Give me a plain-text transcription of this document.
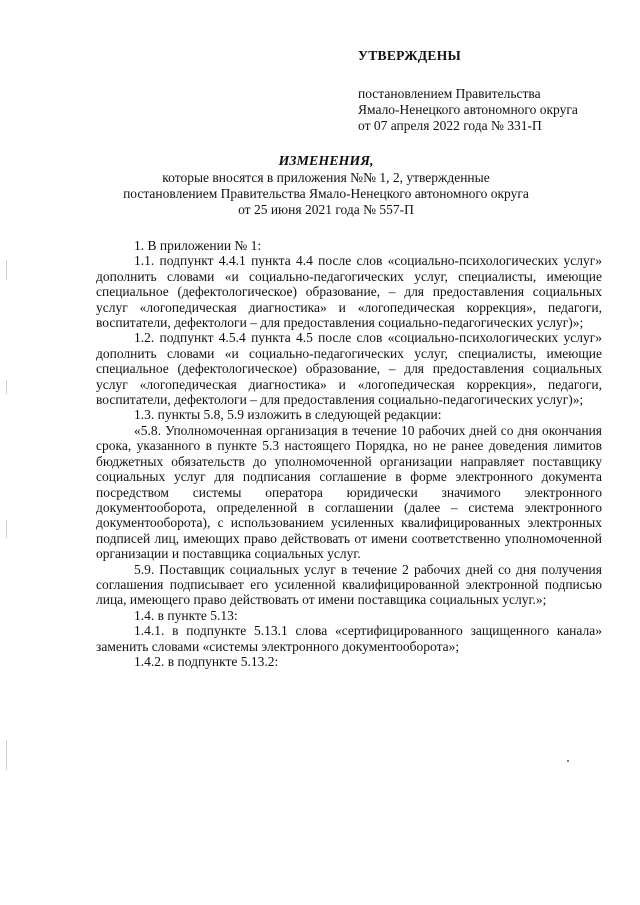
УТВЕРЖДЕНЫ
постановлением Правительства
Ямало-Ненецкого автономного округа
от 07 апреля 2022 года № 331-П
ИЗМЕНЕНИЯ,
которые вносятся в приложения №№ 1, 2, утвержденные
постановлением Правительства Ямало-Ненецкого автономного округа
от 25 июня 2021 года № 557-П

1. В приложении № 1:

1.1. подпункт 4.4.1 пункта 4.4 после слов «социально-психологических услуг» дополнить словами «и социально-педагогических услуг, специалисты, имеющие специальное (дефектологическое) образование, – для предоставления социальных услуг «логопедическая диагностика» и «логопедическая коррекция», педагоги, воспитатели, дефектологи – для предоставления социально-педагогических услуг)»;

1.2. подпункт 4.5.4 пункта 4.5 после слов «социально-психологических услуг» дополнить словами «и социально-педагогических услуг, специалисты, имеющие специальное (дефектологическое) образование, – для предоставления социальных услуг «логопедическая диагностика» и «логопедическая коррекция», педагоги, воспитатели, дефектологи – для предоставления социально-педагогических услуг)»;

1.3. пункты 5.8, 5.9 изложить в следующей редакции:

«5.8. Уполномоченная организация в течение 10 рабочих дней со дня окончания срока, указанного в пункте 5.3 настоящего Порядка, но не ранее доведения лимитов бюджетных обязательств до уполномоченной организации направляет поставщику социальных услуг для подписания соглашение в форме электронного документа посредством системы оператора юридически значимого электронного документооборота, определенной в соглашении (далее – система электронного документооборота), с использованием усиленных квалифицированных электронных подписей лиц, имеющих право действовать от имени соответственно уполномоченной организации и поставщика социальных услуг.

5.9. Поставщик социальных услуг в течение 2 рабочих дней со дня получения соглашения подписывает его усиленной квалифицированной электронной подписью лица, имеющего право действовать от имени поставщика социальных услуг.»;

1.4. в пункте 5.13:

1.4.1. в подпункте 5.13.1 слова «сертифицированного защищенного канала» заменить словами «системы электронного документооборота»;

1.4.2. в подпункте 5.13.2:
